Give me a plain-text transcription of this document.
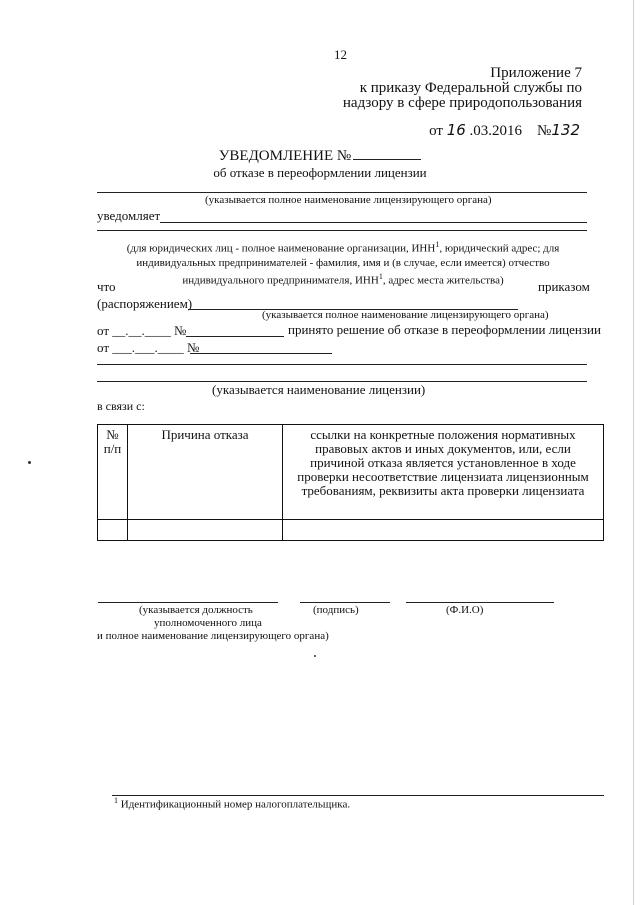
12
Приложение 7
к приказу Федеральной службы по
надзору в сфере природопользования
от 16 .03.2016 №132
УВЕДОМЛЕНИЕ №
об отказе в переоформлении лицензии
(указывается полное наименование лицензирующего органа)
уведомляет
(для юридических лиц - полное наименование организации, ИНН$^1$, юридический адрес; для индивидуальных предпринимателей - фамилия, имя и (в случае, если имеется) отчество индивидуального предпринимателя, ИНН$^1$, адрес места жительства)
что	приказом
(распоряжением)
(указывается полное наименование лицензирующего органа)
от __.__.____ №	принято решение об отказе в переоформлении лицензии
от ___.___.____ №
(указывается наименование лицензии)
в связи с:
№ п/п	Причина отказа	ссылки на конкретные положения нормативных правовых актов и иных документов, или, если причиной отказа является установленное в ходе проверки несоответствие лицензиата лицензионным требованиям, реквизиты акта проверки лицензиата

(указывается должность
уполномоченного лица
и полное наименование лицензирующего органа)
(подпись)	(Ф.И.О)
$^1$ Идентификационный номер налогоплательщика.
